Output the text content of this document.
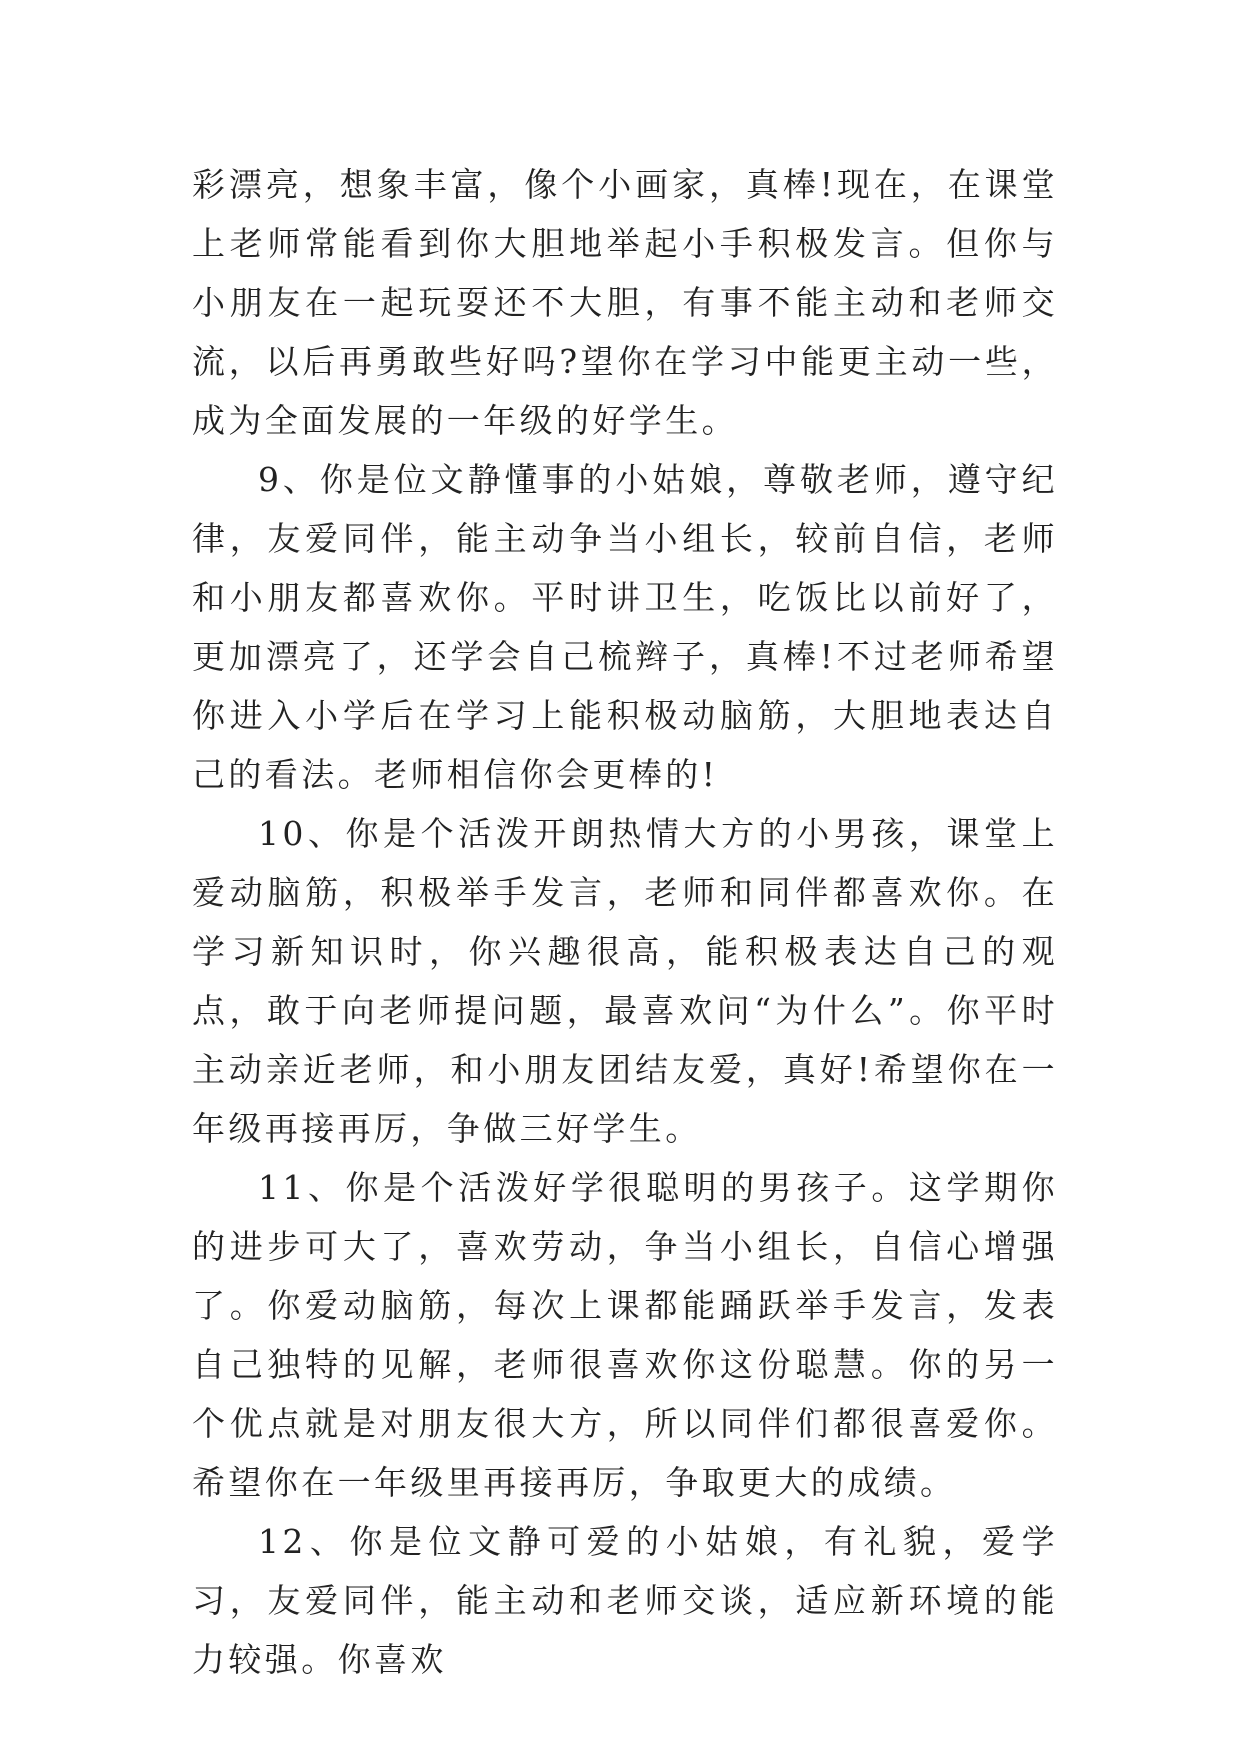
彩漂亮，想象丰富，像个小画家，真棒!现在，在课堂上老师常能看到你大胆地举起小手积极发言。但你与小朋友在一起玩耍还不大胆，有事不能主动和老师交流，以后再勇敢些好吗?望你在学习中能更主动一些，成为全面发展的一年级的好学生。

9、你是位文静懂事的小姑娘，尊敬老师，遵守纪律，友爱同伴，能主动争当小组长，较前自信，老师和小朋友都喜欢你。平时讲卫生，吃饭比以前好了，更加漂亮了，还学会自己梳辫子，真棒!不过老师希望你进入小学后在学习上能积极动脑筋，大胆地表达自己的看法。老师相信你会更棒的!

10、你是个活泼开朗热情大方的小男孩，课堂上爱动脑筋，积极举手发言，老师和同伴都喜欢你。在学习新知识时，你兴趣很高，能积极表达自己的观点，敢于向老师提问题，最喜欢问“为什么”。你平时主动亲近老师，和小朋友团结友爱，真好!希望你在一年级再接再厉，争做三好学生。

11、你是个活泼好学很聪明的男孩子。这学期你的进步可大了，喜欢劳动，争当小组长，自信心增强了。你爱动脑筋，每次上课都能踊跃举手发言，发表自己独特的见解，老师很喜欢你这份聪慧。你的另一个优点就是对朋友很大方，所以同伴们都很喜爱你。希望你在一年级里再接再厉，争取更大的成绩。

12、你是位文静可爱的小姑娘，有礼貌，爱学习，友爱同伴，能主动和老师交谈，适应新环境的能力较强。你喜欢
